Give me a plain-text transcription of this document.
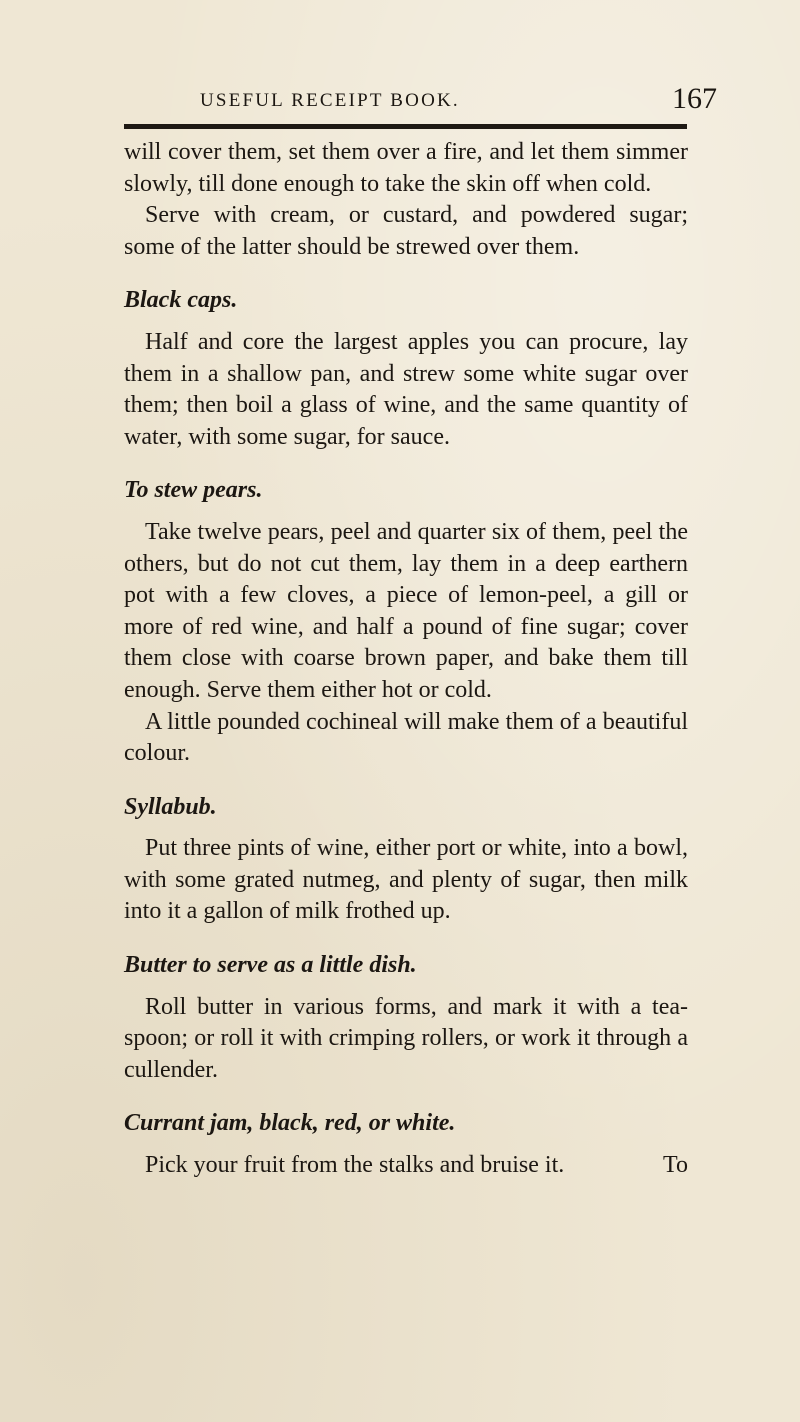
USEFUL RECEIPT BOOK.	167

will cover them, set them over a fire, and let them simmer slowly, till done enough to take the skin off when cold.

Serve with cream, or custard, and powdered sugar; some of the latter should be strewed over them.

Black caps.

Half and core the largest apples you can procure, lay them in a shallow pan, and strew some white sugar over them; then boil a glass of wine, and the same quantity of water, with some sugar, for sauce.

To stew pears.

Take twelve pears, peel and quarter six of them, peel the others, but do not cut them, lay them in a deep earthern pot with a few cloves, a piece of lemon-peel, a gill or more of red wine, and half a pound of fine sugar; cover them close with coarse brown paper, and bake them till enough. Serve them either hot or cold.

A little pounded cochineal will make them of a beautiful colour.

Syllabub.

Put three pints of wine, either port or white, into a bowl, with some grated nutmeg, and plenty of sugar, then milk into it a gallon of milk frothed up.

Butter to serve as a little dish.

Roll butter in various forms, and mark it with a tea-spoon; or roll it with crimping rollers, or work it through a cullender.

Currant jam, black, red, or white.

Pick your fruit from the stalks and bruise it.	To
